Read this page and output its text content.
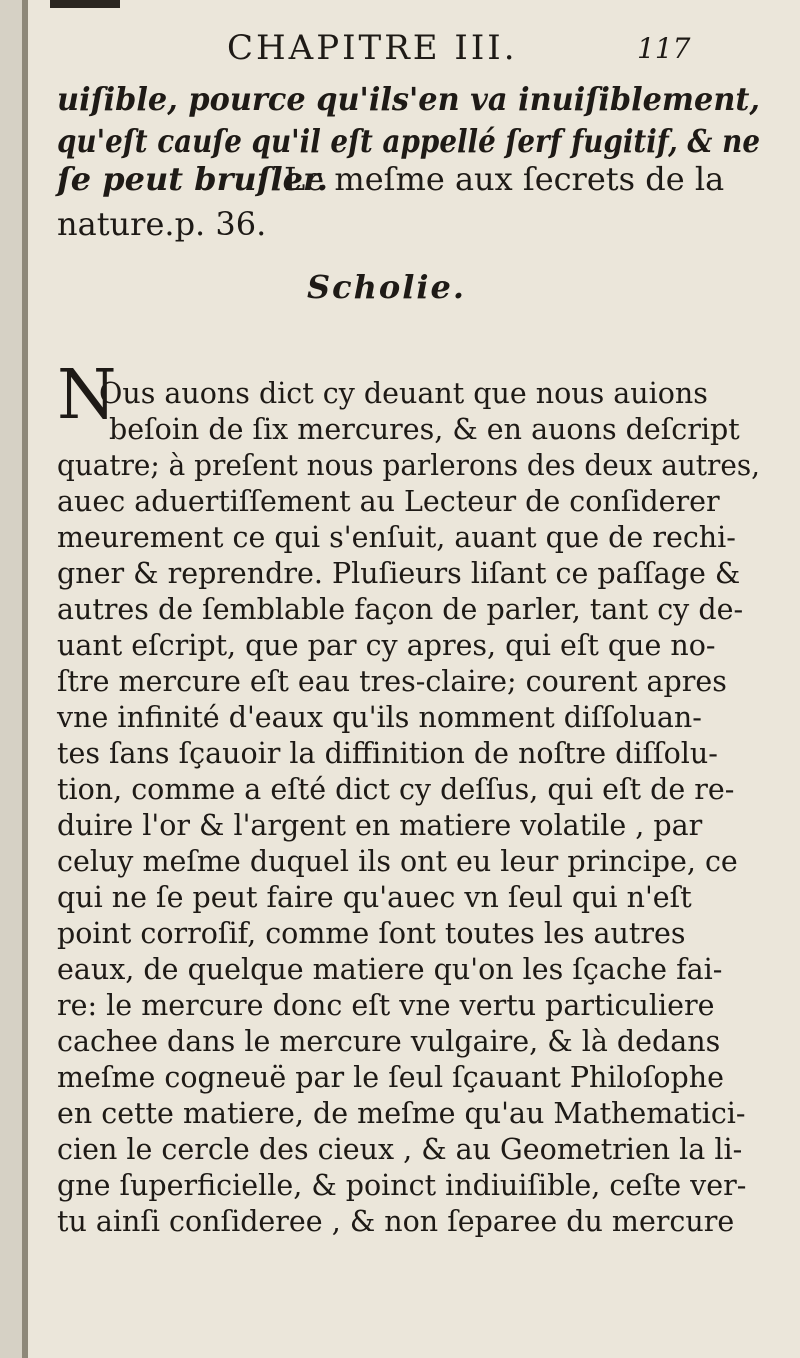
CHAPITRE III.	117
uiſible, pource qu'ils'en va inuiſiblement,
qu'eſt cauſe qu'il eſt appellé ſerf fugitif, & ne
ſe peut bruſler.
Le meſme aux ſecrets de la
nature.p. 36.
Scholie.
N
Ous auons dict cy deuant que nous auions
beſoin de ſix mercures, & en auons deſcript
quatre; à preſent nous parlerons des deux autres,
auec aduertiſſement au Lecteur de conſiderer
meurement ce qui s'enſuit, auant que de rechi-
gner & reprendre. Pluſieurs liſant ce paſſage &
autres de ſemblable façon de parler, tant cy de-
uant eſcript, que par cy apres, qui eſt que no-
ſtre mercure eſt eau tres-claire; courent apres
vne infinité d'eaux qu'ils nomment diſſoluan-
tes ſans ſçauoir la diffinition de noſtre diſſolu-
tion, comme a eſté dict cy deſſus, qui eſt de re-
duire l'or & l'argent en matiere volatile , par
celuy meſme duquel ils ont eu leur principe, ce
qui ne ſe peut faire qu'auec vn ſeul qui n'eſt
point corroſif, comme ſont toutes les autres
eaux, de quelque matiere qu'on les ſçache fai-
re: le mercure donc eſt vne vertu particuliere
cachee dans le mercure vulgaire, & là dedans
meſme cogneuë par le ſeul ſçauant Philoſophe
en cette matiere, de meſme qu'au Mathematici-
cien le cercle des cieux , & au Geometrien la li-
gne ſuperficielle, & poinct indiuiſible, ceſte ver-
tu ainſi conſideree , & non ſeparee du mercure
